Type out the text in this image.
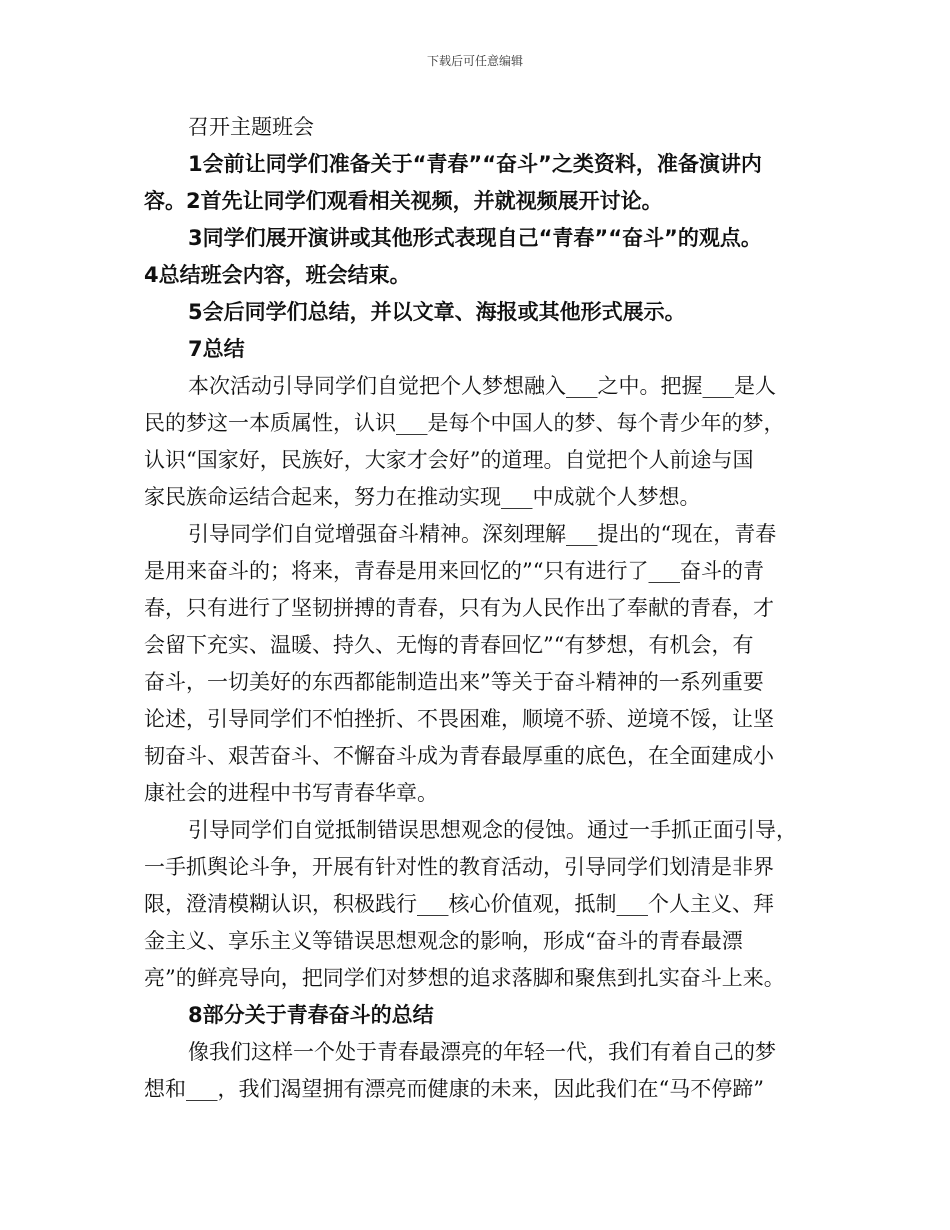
下载后可任意编辑
召开主题班会
1会前让同学们准备关于“青春”“奋斗”之类资料，准备演讲内
容。2首先让同学们观看相关视频，并就视频展开讨论。
3同学们展开演讲或其他形式表现自己“青春”“奋斗”的观点。
4总结班会内容，班会结束。
5会后同学们总结，并以文章、海报或其他形式展示。
7总结
本次活动引导同学们自觉把个人梦想融入___之中。把握___是人
民的梦这一本质属性，认识___是每个中国人的梦、每个青少年的梦，
认识“国家好，民族好，大家才会好”的道理。自觉把个人前途与国
家民族命运结合起来，努力在推动实现___中成就个人梦想。
引导同学们自觉增强奋斗精神。深刻理解___提出的“现在，青春
是用来奋斗的；将来，青春是用来回忆的”“只有进行了___奋斗的青
春，只有进行了坚韧拼搏的青春，只有为人民作出了奉献的青春，才
会留下充实、温暖、持久、无悔的青春回忆”“有梦想，有机会，有
奋斗，一切美好的东西都能制造出来”等关于奋斗精神的一系列重要
论述，引导同学们不怕挫折、不畏困难，顺境不骄、逆境不馁，让坚
韧奋斗、艰苦奋斗、不懈奋斗成为青春最厚重的底色，在全面建成小
康社会的进程中书写青春华章。
引导同学们自觉抵制错误思想观念的侵蚀。通过一手抓正面引导，
一手抓舆论斗争，开展有针对性的教育活动，引导同学们划清是非界
限，澄清模糊认识，积极践行___核心价值观，抵制___个人主义、拜
金主义、享乐主义等错误思想观念的影响，形成“奋斗的青春最漂
亮”的鲜亮导向，把同学们对梦想的追求落脚和聚焦到扎实奋斗上来。
8部分关于青春奋斗的总结
像我们这样一个处于青春最漂亮的年轻一代，我们有着自己的梦
想和___，我们渴望拥有漂亮而健康的未来，因此我们在“马不停蹄”
